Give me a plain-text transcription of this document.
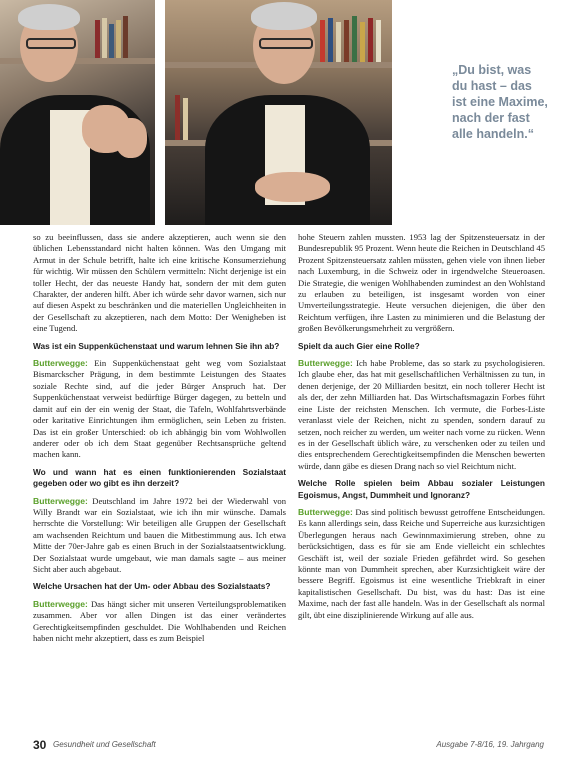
„Du bist, was
du hast – das
ist eine Maxime,
nach der fast
alle handeln.“

so zu beeinflussen, dass sie andere akzeptieren, auch wenn sie den üblichen Lebensstandard nicht halten können. Was den Umgang mit Armut in der Schule betrifft, halte ich eine kritische Konsumerziehung für wichtig. Wir müssen den Schülern vermitteln: Nicht derjenige ist ein toller Hecht, der das neueste Handy hat, sondern der mit dem guten Charakter, der anderen hilft. Aber ich würde sehr davor warnen, sich nur auf diesen Aspekt zu beschränken und die materiellen Ungleichheiten in der Gesellschaft zu akzeptieren, nach dem Motto: Der Wenigheben ist eine Tugend.

Was ist ein Suppenküchenstaat und warum lehnen Sie ihn ab?

Butterwegge: Ein Suppenküchenstaat geht weg vom Sozialstaat Bismarckscher Prägung, in dem bestimmte Leistungen des Staates soziale Rechte sind, auf die jeder Bürger Anspruch hat. Der Suppenküchenstaat verweist bedürftige Bürger dagegen, zu betteln und damit auf ein der ein wenig der Staat, die Tafeln, Wohlfahrtsverbände oder karitative Einrichtungen ihm ermöglichen, sein Leben zu fristen. Das ist ein großer Unterschied: ob ich abhängig bin vom Wohlwollen anderer oder ob ich dem Staat gegenüber Rechtsansprüche geltend machen kann.

Wo und wann hat es einen funktionierenden Sozialstaat gegeben oder wo gibt es ihn derzeit?

Butterwegge: Deutschland im Jahre 1972 bei der Wiederwahl von Willy Brandt war ein Sozialstaat, wie ich ihn mir wünsche. Damals herrschte die Vorstellung: Wir beteiligen alle Gruppen der Gesellschaft am wachsenden Reichtum und bauen die Mitbestimmung aus. Ich etwa Mitte der 70er-Jahre gab es einen Bruch in der Sozialstaatsentwicklung. Der Sozialstaat wurde umgebaut, wie man damals sagte – aus meiner Sicht aber auch abgebaut.

Welche Ursachen hat der Um- oder Abbau des Sozialstaats?

Butterwegge: Das hängt sicher mit unseren Verteilungsproblematiken zusammen. Aber vor allen Dingen ist das einer verändertes Gerechtigkeitsempfinden geschuldet. Die Wohlhabenden und Reichen haben nicht mehr akzeptiert, dass es zum Beispiel

hohe Steuern zahlen mussten. 1953 lag der Spitzensteuersatz in der Bundesrepublik 95 Prozent. Wenn heute die Reichen in Deutschland 45 Prozent Spitzensteuersatz zahlen müssten, gehen viele von ihnen lieber nach Luxemburg, in die Schweiz oder in irgendwelche Steueroasen. Die Strategie, die wenigen Wohlhabenden zumindest an den Wohlstand zu erlauben zu beteiligen, ist insgesamt worden von einer Umverteilungsstrategie. Heute versuchen diejenigen, die über den Reichtum verfügen, ihre Lasten zu minimieren und die Belastung der großen Bevölkerungsmehrheit zu vergrößern.

Spielt da auch Gier eine Rolle?

Butterwegge: Ich habe Probleme, das so stark zu psychologisieren. Ich glaube eher, das hat mit gesellschaftlichen Verhältnissen zu tun, in denen derjenige, der 20 Milliarden besitzt, ein noch tollerer Hecht ist als der, der zehn Milliarden hat. Das Wirtschaftsmagazin Forbes führt eine Liste der reichsten Menschen. Ich vermute, die Forbes-Liste veranlasst viele der Reichen, nicht zu spenden, sondern darauf zu setzen, noch reicher zu werden, um weiter nach vorne zu rücken. Wenn es in der Gesellschaft üblich wäre, zu verschenken oder zu teilen und dies entsprechendem Gerechtigkeitsempfinden die Menschen bewerten würde, dann gäbe es diesen Drang nach so viel Reichtum nicht.

Welche Rolle spielen beim Abbau sozialer Leistungen Egoismus, Angst, Dummheit und Ignoranz?

Butterwegge: Das sind politisch bewusst getroffene Entscheidungen. Es kann allerdings sein, dass Reiche und Superreiche aus kurzsichtigen Überlegungen heraus nach Gewinnmaximierung streben, ohne zu berücksichtigen, dass es für sie am Ende vielleicht ein schlechtes Geschäft ist, weil der soziale Frieden gefährdet wird. So gesehen könnte man von Dummheit sprechen, aber Kurzsichtigkeit wäre der bessere Begriff. Egoismus ist eine wesentliche Triebkraft in einer kapitalistischen Gesellschaft. Du bist, was du hast: Das ist eine Maxime, nach der fast alle handeln. Was in der Gesellschaft als normal gilt, übt eine disziplinierende Wirkung auf alle aus.

30 Gesundheit und Gesellschaft	Ausgabe 7-8/16, 19. Jahrgang
